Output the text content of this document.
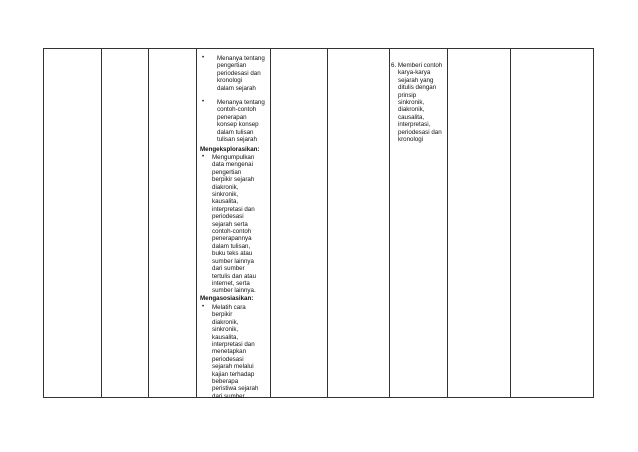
• Menanya tentang
pengertian
periodesasi dan
kronologi
dalam sejarah
• Menanya tentang
contoh-contoh
penerapan
konsep konsep
dalam tulisan
tulisan sejarah
Mengeksplorasikan:
• Mengumpulkan
data mengenai
pengertian
berpikir sejarah
diakronik,
sinkronik,
kausalita,
interpretasi dan
periodesasi
sejarah serta
contoh-contoh
penerapannya
dalam tulisan,
buku teks atau
sumber lainnya
dari sumber
tertulis dan atau
internet, serta
sumber lainnya.
Mengasosiasikan:
• Melatih cara
berpikir
diakronik,
sinkronik,
kausalita,
interpretasi dan
menetapkan
periodesasi
sejarah melalui
kajian terhadap
beberapa
peristiwa sejarah
dari sumber
6. Memberi contoh
karya-karya
sejarah yang
ditulis dengan
prinsip
sinkronik,
diakronik,
causalita,
interpretasi,
periodesasi dan
kronologi
